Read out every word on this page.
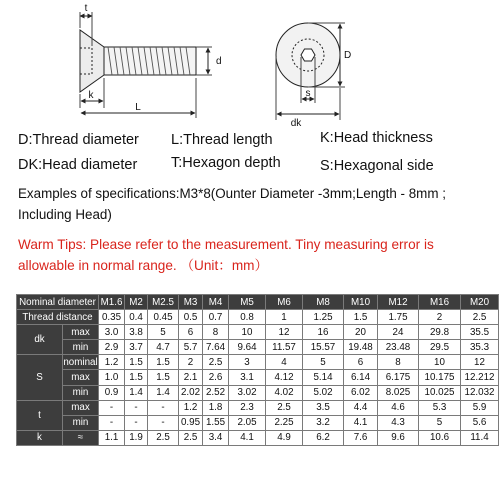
t
d
k
L
D
s
dk
D:Thread diameter L:Thread length	K:Head thickness
DK:Head diameter T:Hexagon depth	S:Hexagonal side
Examples of specifications:M3*8(Ounter Diameter -3mm;Length - 8mm ; Including Head)
Warm Tips: Please refer to the measurement. Tiny measuring error is allowable in normal range. （Unit：mm）
Nominal diameter		M1.6	M2	M2.5	M3	M4	M5	M6	M8	M10	M12	M16	M20
Thread distance		0.35	0.4	0.45	0.5	0.7	0.8	1	1.25	1.5	1.75	2	2.5
dk	max	3.0	3.8	5	6	8	10	12	16	20	24	29.8	35.5
	min	2.9	3.7	4.7	5.7	7.64	9.64	11.57	15.57	19.48	23.48	29.5	35.3
S	nominal	1.2	1.5	1.5	2	2.5	3	4	5	6	8	10	12
	max	1.0	1.5	1.5	2.1	2.6	3.1	4.12	5.14	6.14	6.175	10.175	12.212
	min	0.9	1.4	1.4	2.02	2.52	3.02	4.02	5.02	6.02	8.025	10.025	12.032
t	max	-	-	-	1.2	1.8	2.3	2.5	3.5	4.4	4.6	5.3	5.9
	min	-	-	-	0.95	1.55	2.05	2.25	3.2	4.1	4.3	5	5.6
k	≈	1.1	1.9	2.5	2.5	3.4	4.1	4.9	6.2	7.6	9.6	10.6	11.4
